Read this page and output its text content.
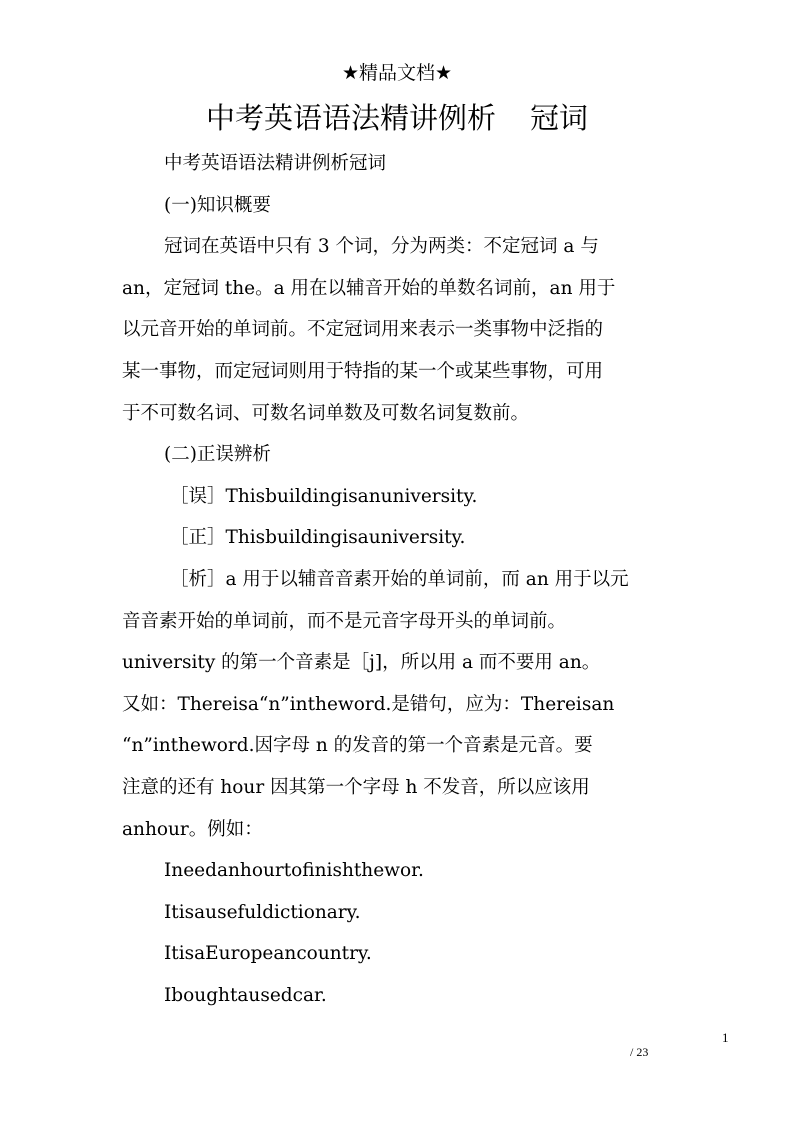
★精品文档★
中考英语语法精讲例析 冠词
中考英语语法精讲例析冠词
(一)知识概要
冠词在英语中只有 3 个词，分为两类：不定冠词 a 与
an，定冠词 the。a 用在以辅音开始的单数名词前，an 用于
以元音开始的单词前。不定冠词用来表示一类事物中泛指的
某一事物，而定冠词则用于特指的某一个或某些事物，可用
于不可数名词、可数名词单数及可数名词复数前。
(二)正误辨析
［误］Thisbuildingisanuniversity.
［正］Thisbuildingisauniversity.
［析］a 用于以辅音音素开始的单词前，而 an 用于以元
音音素开始的单词前，而不是元音字母开头的单词前。
university 的第一个音素是［j]，所以用 a 而不要用 an。
又如：Thereisa“n”intheword.是错句，应为：Thereisan
“n”intheword.因字母 n 的发音的第一个音素是元音。要
注意的还有 hour 因其第一个字母 h 不发音，所以应该用
anhour。例如：
Ineedanhourtofinishthewor.
Itisausefuldictionary.
ItisaEuropeancountry.
Iboughtausedcar.
1
/ 23
